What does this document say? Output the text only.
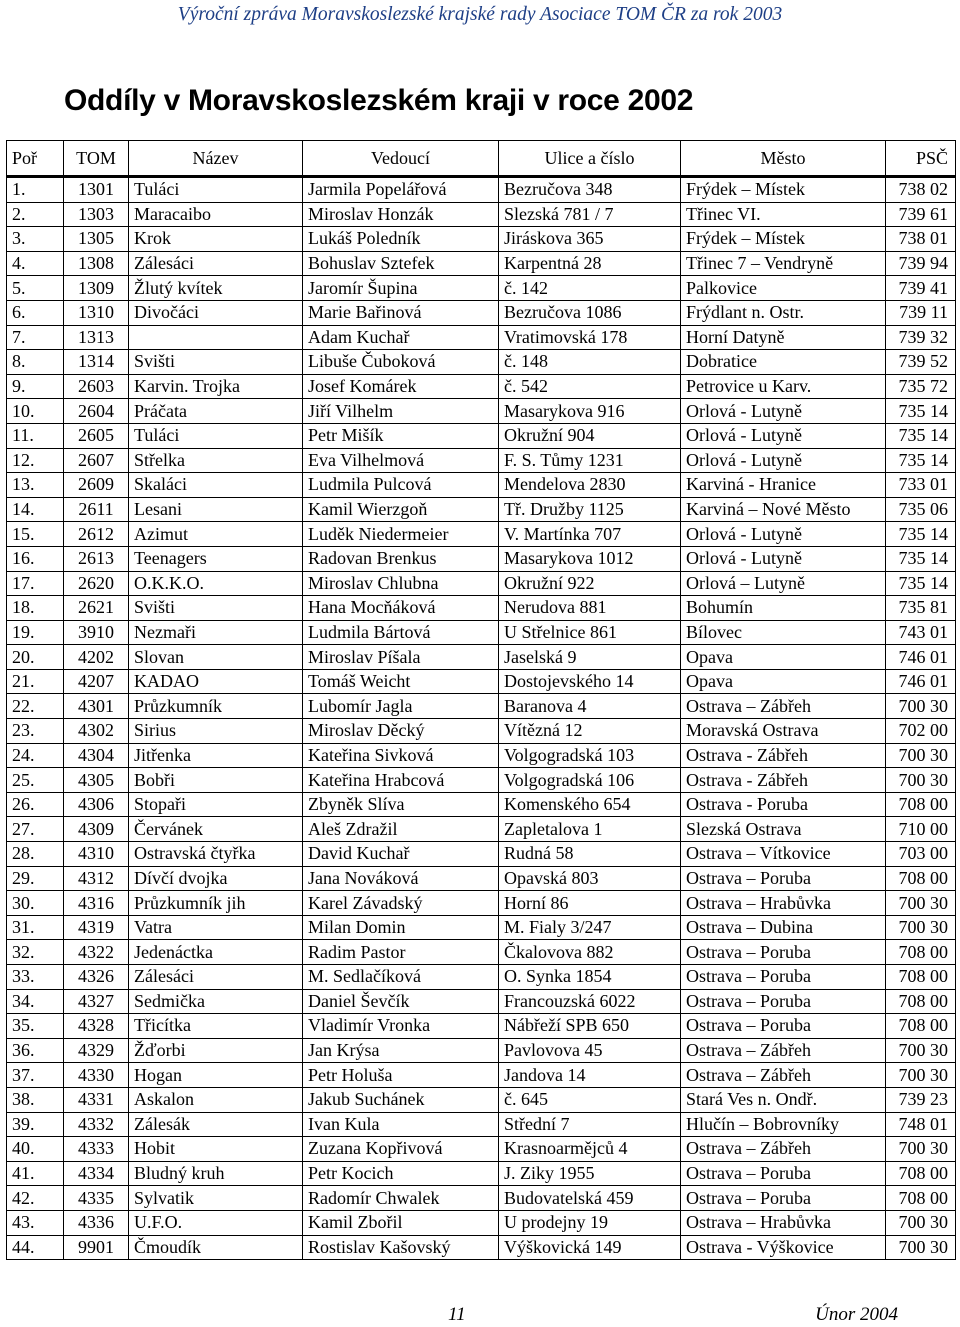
Výroční zpráva Moravskoslezské krajské rady Asociace TOM ČR za rok 2003
Oddíly v Moravskoslezském kraji v roce 2002
Poř	TOM	Název	Vedoucí	Ulice a číslo	Město	PSČ
1.	1301	Tuláci	Jarmila Popelářová	Bezručova 348	Frýdek – Místek	738 02
2.	1303	Maracaibo	Miroslav Honzák	Slezská 781 / 7	Třinec VI.	739 61
3.	1305	Krok	Lukáš Poledník	Jiráskova 365	Frýdek – Místek	738 01
4.	1308	Zálesáci	Bohuslav Sztefek	Karpentná 28	Třinec 7 – Vendryně	739 94
5.	1309	Žlutý kvítek	Jaromír Šupina	č. 142	Palkovice	739 41
6.	1310	Divočáci	Marie Bařinová	Bezručova 1086	Frýdlant n. Ostr.	739 11
7.	1313		Adam Kuchař	Vratimovská 178	Horní Datyně	739 32
8.	1314	Svišti	Libuše Čuboková	č. 148	Dobratice	739 52
9.	2603	Karvin. Trojka	Josef Komárek	č. 542	Petrovice u Karv.	735 72
10.	2604	Práčata	Jiří Vilhelm	Masarykova 916	Orlová - Lutyně	735 14
11.	2605	Tuláci	Petr Mišík	Okružní 904	Orlová - Lutyně	735 14
12.	2607	Střelka	Eva Vilhelmová	F. S. Tůmy 1231	Orlová - Lutyně	735 14
13.	2609	Skaláci	Ludmila Pulcová	Mendelova 2830	Karviná - Hranice	733 01
14.	2611	Lesani	Kamil Wierzgoň	Tř. Družby 1125	Karviná – Nové Město	735 06
15.	2612	Azimut	Luděk Niedermeier	V. Martínka 707	Orlová - Lutyně	735 14
16.	2613	Teenagers	Radovan Brenkus	Masarykova 1012	Orlová - Lutyně	735 14
17.	2620	O.K.K.O.	Miroslav Chlubna	Okružní 922	Orlová – Lutyně	735 14
18.	2621	Svišti	Hana Mocňáková	Nerudova 881	Bohumín	735 81
19.	3910	Nezmaři	Ludmila Bártová	U Střelnice 861	Bílovec	743 01
20.	4202	Slovan	Miroslav Píšala	Jaselská 9	Opava	746 01
21.	4207	KADAO	Tomáš Weicht	Dostojevského 14	Opava	746 01
22.	4301	Průzkumník	Lubomír Jagla	Baranova 4	Ostrava – Zábřeh	700 30
23.	4302	Sirius	Miroslav Děcký	Vítězná 12	Moravská Ostrava	702 00
24.	4304	Jitřenka	Kateřina Sivková	Volgogradská 103	Ostrava - Zábřeh	700 30
25.	4305	Bobři	Kateřina Hrabcová	Volgogradská 106	Ostrava - Zábřeh	700 30
26.	4306	Stopaři	Zbyněk Slíva	Komenského 654	Ostrava - Poruba	708 00
27.	4309	Červánek	Aleš Zdražil	Zapletalova 1	Slezská Ostrava	710 00
28.	4310	Ostravská čtyřka	David Kuchař	Rudná 58	Ostrava – Vítkovice	703 00
29.	4312	Dívčí dvojka	Jana Nováková	Opavská 803	Ostrava – Poruba	708 00
30.	4316	Průzkumník jih	Karel Závadský	Horní 86	Ostrava – Hrabůvka	700 30
31.	4319	Vatra	Milan Domin	M. Fialy 3/247	Ostrava – Dubina	700 30
32.	4322	Jedenáctka	Radim Pastor	Čkalovova 882	Ostrava – Poruba	708 00
33.	4326	Zálesáci	M. Sedlačíková	O. Synka 1854	Ostrava – Poruba	708 00
34.	4327	Sedmička	Daniel Ševčík	Francouzská 6022	Ostrava – Poruba	708 00
35.	4328	Třicítka	Vladimír Vronka	Nábřeží SPB 650	Ostrava – Poruba	708 00
36.	4329	Žďorbi	Jan Krýsa	Pavlovova 45	Ostrava – Zábřeh	700 30
37.	4330	Hogan	Petr Holuša	Jandova 14	Ostrava – Zábřeh	700 30
38.	4331	Askalon	Jakub Suchánek	č. 645	Stará Ves n. Ondř.	739 23
39.	4332	Zálesák	Ivan Kula	Střední 7	Hlučín – Bobrovníky	748 01
40.	4333	Hobit	Zuzana Kopřivová	Krasnoarmějců 4	Ostrava – Zábřeh	700 30
41.	4334	Bludný kruh	Petr Kocich	J. Ziky 1955	Ostrava – Poruba	708 00
42.	4335	Sylvatik	Radomír Chwalek	Budovatelská 459	Ostrava – Poruba	708 00
43.	4336	U.F.O.	Kamil Zbořil	U prodejny 19	Ostrava – Hrabůvka	700 30
44.	9901	Čmoudík	Rostislav Kašovský	Výškovická 149	Ostrava - Výškovice	700 30
11	Únor 2004
